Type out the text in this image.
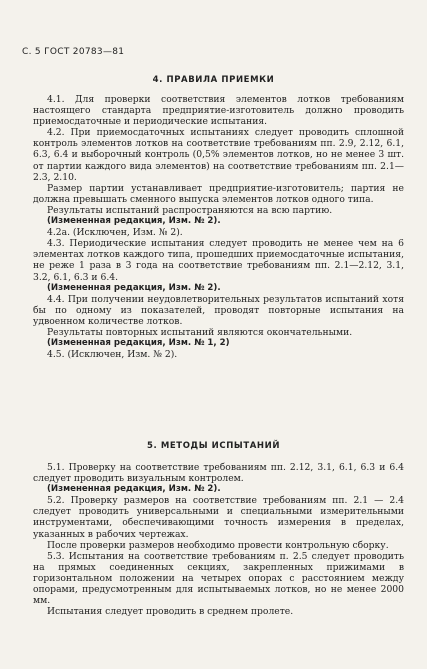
С. 5 ГОСТ 20783—81
4. ПРАВИЛА ПРИЕМКИ

4.1. Для проверки соответствия элементов лотков требованиям настоящего стандарта предприятие-изготовитель должно проводить приемосдаточные и периодические испытания.

4.2. При приемосдаточных испытаниях следует проводить сплошной контроль элементов лотков на соответствие требованиям пп. 2.9, 2.12, 6.1, 6.3, 6.4 и выборочный контроль (0,5% элементов лотков, но не менее 3 шт. от партии каждого вида элементов) на соответствие требованиям пп. 2.1—2.3, 2.10.

Размер партии устанавливает предприятие-изготовитель; партия не должна превышать сменного выпуска элементов лотков одного типа.

Результаты испытаний распространяются на всю партию.

(Измененная редакция, Изм. № 2).

4.2а. (Исключен, Изм. № 2).

4.3. Периодические испытания следует проводить не менее чем на 6 элементах лотков каждого типа, прошедших приемосдаточные испытания, не реже 1 раза в 3 года на соответствие требованиям пп. 2.1—2.12, 3.1, 3.2, 6.1, 6.3 и 6.4.

(Измененная редакция, Изм. № 2).

4.4. При получении неудовлетворительных результатов испытаний хотя бы по одному из показателей, проводят повторные испытания на удвоенном количестве лотков.

Результаты повторных испытаний являются окончательными.

(Измененная редакция, Изм. № 1, 2)

4.5. (Исключен, Изм. № 2).

5. МЕТОДЫ ИСПЫТАНИЙ

5.1. Проверку на соответствие требованиям пп. 2.12, 3.1, 6.1, 6.3 и 6.4 следует проводить визуальным контролем.

(Измененная редакция, Изм. № 2).

5.2. Проверку размеров на соответствие требованиям пп. 2.1 — 2.4 следует проводить универсальными и специальными измерительными инструментами, обеспечивающими точность измерения в пределах, указанных в рабочих чертежах.

После проверки размеров необходимо провести контрольную сборку.

5.3. Испытания на соответствие требованиям п. 2.5 следует проводить на прямых соединенных секциях, закрепленных прижимами в горизонтальном положении на четырех опорах с расстоянием между опорами, предусмотренным для испытываемых лотков, но не менее 2000 мм.

Испытания следует проводить в среднем пролете.
